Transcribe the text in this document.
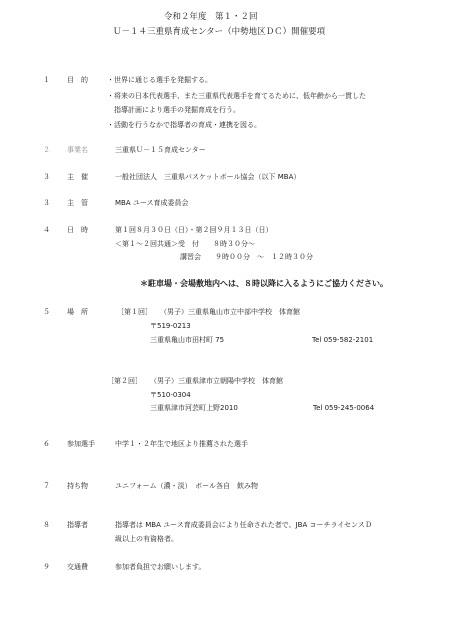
令和２年度　第１・２回
Ｕ－１４三重県育成センター（中勢地区ＤＣ）開催要項
１ 目　的	・世界に通じる選手を発掘する。
・将来の日本代表選手、また三重県代表選手を育てるために、低年齢から一貫した
　指導計画により選手の発掘育成を行う。
・活動を行うなかで指導者の育成・連携を図る。
２ 事業名	三重県Ｕ－１５育成センター
３ 主　催	一般社団法人　三重県バスケットボール協会（以下 MBA）
３ 主　管	MBA ユース育成委員会
４ 日　時	第１回８月３０日（日）・第２回９月１３日（日）
＜第１～２回共通＞受　付　　８時３０分～
講習会　　９時００分　～　１２時３０分
＊駐車場・会場敷地内へは、８時以降に入るようにご協力ください。
５ 場　所	［第１回］ （男子）三重県亀山市立中部中学校　体育館
〒519-0213
三重県亀山市田村町 75	Tel 059-582-2101
［第２回］ （男子）三重県津市立朝陽中学校　体育館
〒510-0304
三重県津市河芸町上野2010	Tel 059-245-0064
６ 参加選手	中学１・２年生で地区より推薦された選手
７ 持ち物	ユニフォーム（濃・淡）　ボール各自　飲み物
８ 指導者	指導者は MBA ユース育成委員会により任命された者で、JBA コーチライセンスＤ
級以上の有資格者。
９ 交通費	参加者負担でお願いします。
